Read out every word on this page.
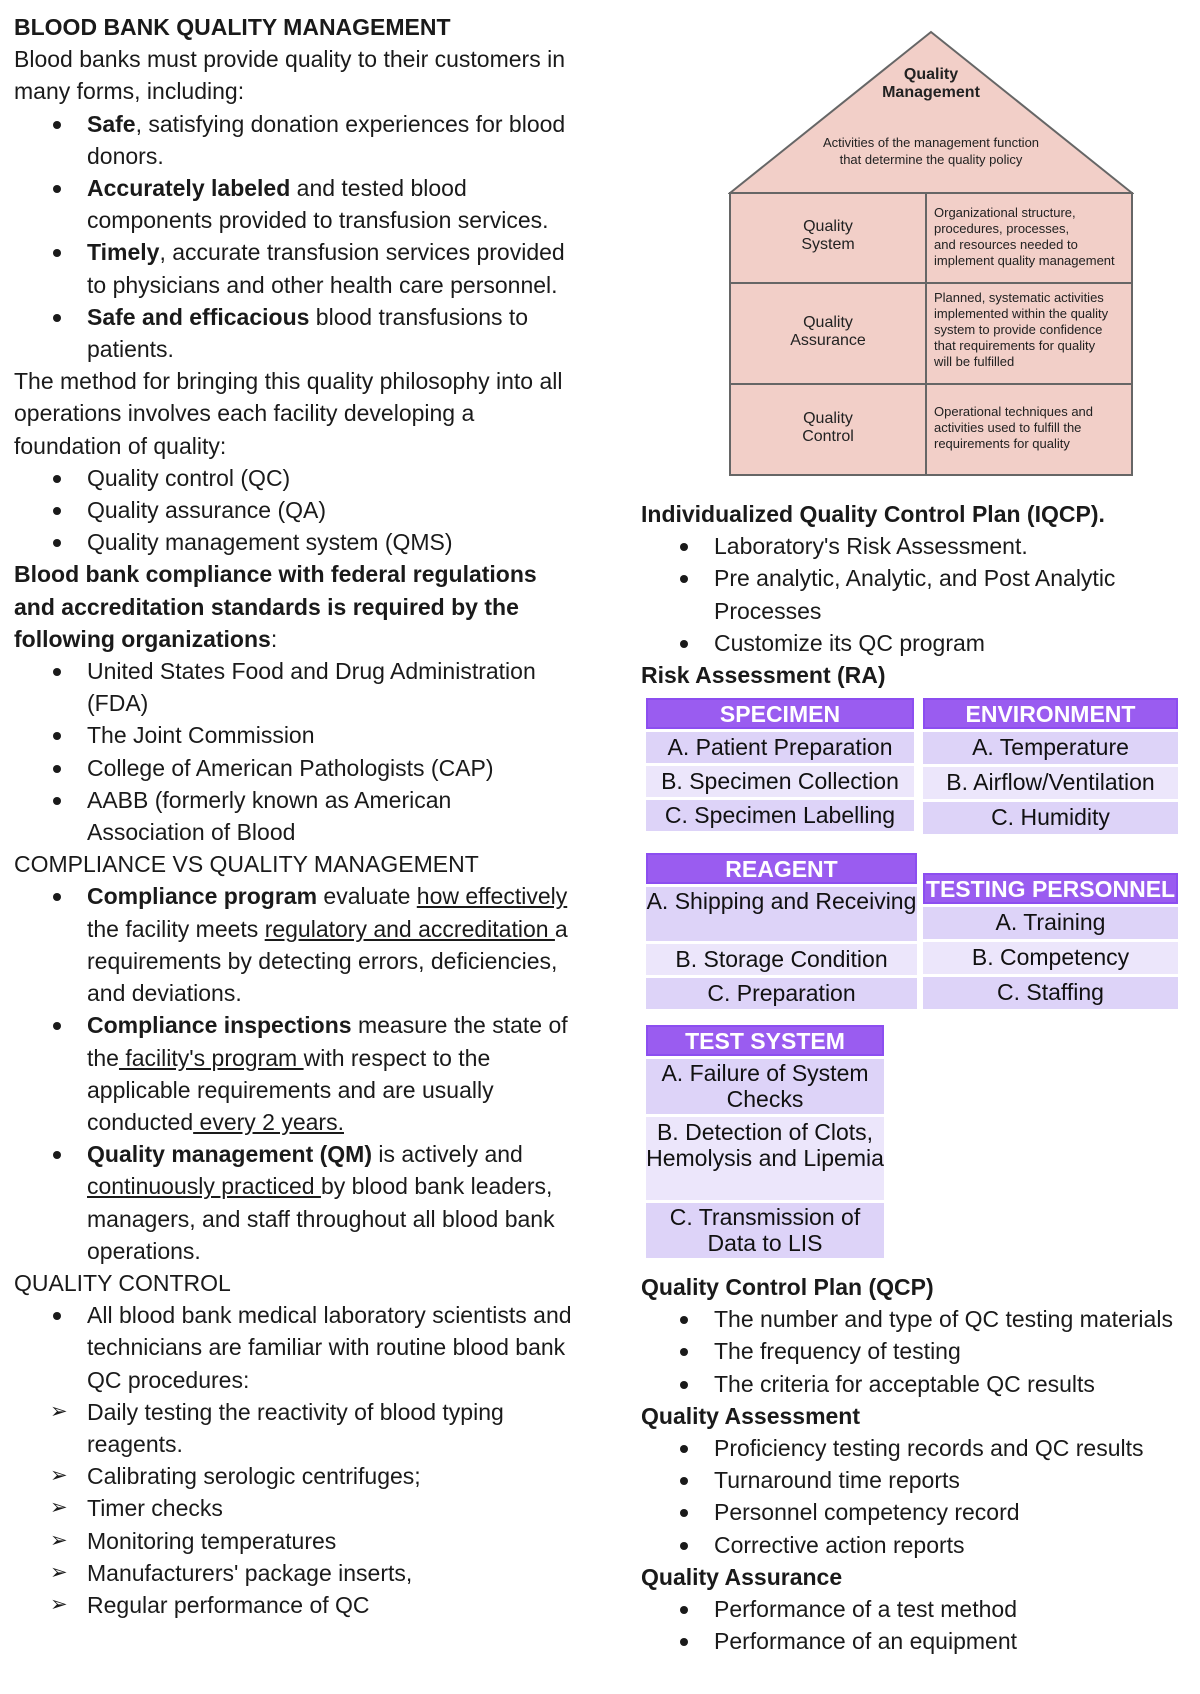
BLOOD BANK QUALITY MANAGEMENT

Blood banks must provide quality to their customers in many forms, including:

Safe, satisfying donation experiences for blood donors.
Accurately labeled and tested blood components provided to transfusion services.
Timely, accurate transfusion services provided to physicians and other health care personnel.
Safe and efficacious blood transfusions to patients.

The method for bringing this quality philosophy into all operations involves each facility developing a foundation of quality:

Quality control (QC)
Quality assurance (QA)
Quality management system (QMS)

Blood bank compliance with federal regulations and accreditation standards is required by the following organizations:

United States Food and Drug Administration (FDA)
The Joint Commission
College of American Pathologists (CAP)
AABB (formerly known as American Association of Blood

COMPLIANCE VS QUALITY MANAGEMENT

Compliance program evaluate how effectively the facility meets regulatory and accreditation a requirements by detecting errors, deficiencies, and deviations.
Compliance inspections measure the state of the facility's program with respect to the applicable requirements and are usually conducted every 2 years.
Quality management (QM) is actively and continuously practiced by blood bank leaders, managers, and staff throughout all blood bank operations.

QUALITY CONTROL

All blood bank medical laboratory scientists and technicians are familiar with routine blood bank QC procedures:
➢ Daily testing the reactivity of blood typing reagents.
➢ Calibrating serologic centrifuges;
➢ Timer checks
➢ Monitoring temperatures
➢ Manufacturers' package inserts,
➢ Regular performance of QC
Quality
Management
Activities of the management function
that determine the quality policy
Quality
System
Organizational structure,
procedures, processes,
and resources needed to
implement quality management
Quality
Assurance
Planned, systematic activities
implemented within the quality
system to provide confidence
that requirements for quality
will be fulfilled
Quality
Control
Operational techniques and
activities used to fulfill the
requirements for quality

Individualized Quality Control Plan (IQCP).

Laboratory's Risk Assessment.
Pre analytic, Analytic, and Post Analytic Processes
Customize its QC program

Risk Assessment (RA)

SPECIMEN
A. Patient Preparation
B. Specimen Collection
C. Specimen Labelling
ENVIRONMENT
A. Temperature
B. Airflow/Ventilation
C. Humidity
REAGENT
A. Shipping and Receiving
B. Storage Condition
C. Preparation
TESTING PERSONNEL
A. Training
B. Competency
C. Staffing
TEST SYSTEM
A. Failure of System Checks
B. Detection of Clots, Hemolysis and Lipemia
C. Transmission of Data to LIS

Quality Control Plan (QCP)

The number and type of QC testing materials
The frequency of testing
The criteria for acceptable QC results

Quality Assessment

Proficiency testing records and QC results
Turnaround time reports
Personnel competency record
Corrective action reports

Quality Assurance

Performance of a test method
Performance of an equipment
